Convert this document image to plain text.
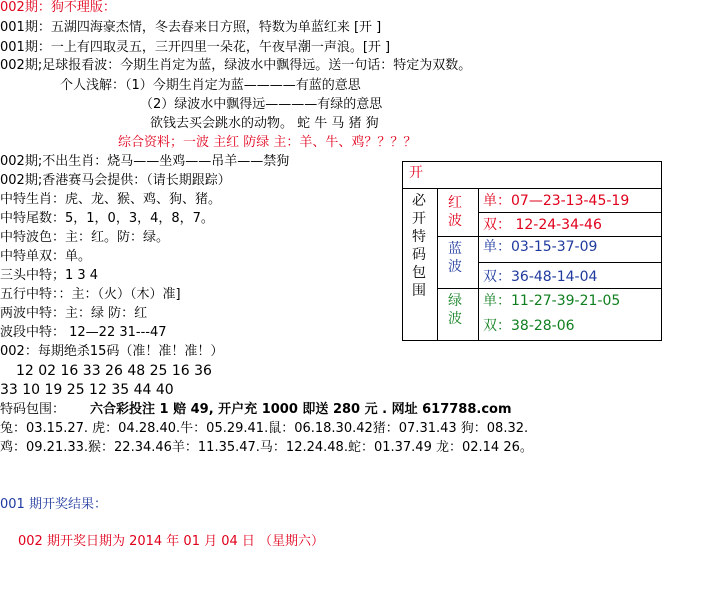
002期：狗不理版：
001期：五湖四海豪杰情，冬去春来日方照，特数为单蓝红来 [开 ]
001期：一上有四取灵五，三开四里一朵花，午夜早潮一声浪。[开 ]
002期;足球报看波：今期生肖定为蓝，绿波水中飘得远。送一句话：特定为双数。
个人浅解：（1）今期生肖定为蓝————有蓝的意思
（2）绿波水中飘得远————有绿的意思
欲钱去买会跳水的动物。 蛇 牛 马 猪 狗
综合资料；一波 主红 防绿 主：羊、牛、鸡？？？？
002期;不出生肖：烧马——坐鸡——吊羊——禁狗
002期;香港赛马会提供：（请长期跟踪）
中特生肖：虎、龙、猴、鸡、狗、猪。
中特尾数：5，1，0，3，4，8，7。
中特波色：主：红。防：绿。
中特单双：单。
三头中特；1 3 4
五行中特：：主：（火）（木）准]
两波中特：主：绿 防：红
波段中特： 12—22 31---47
002：每期绝杀15码（准！准！准！）
12 02 16 33 26 48 25 16 36
33 10 19 25 12 35 44 40
特码包围： 六合彩投注 1 赔 49, 开户充 1000 即送 280 元 . 网址 617788.com
兔：03.15.27. 虎：04.28.40.牛：05.29.41.鼠：06.18.30.42猪：07.31.43 狗：08.32.
鸡：09.21.33.猴：22.34.46羊：11.35.47.马：12.24.48.蛇：01.37.49 龙：02.14 26。
001 期开奖结果：
002 期开奖日期为 2014 年 01 月 04 日 （星期六）
开
必开特码包围
红波
蓝波
绿波
单：07—23-13-45-19
双： 12-24-34-46
单：03-15-37-09
双：36-48-14-04
单：11-27-39-21-05
双：38-28-06
